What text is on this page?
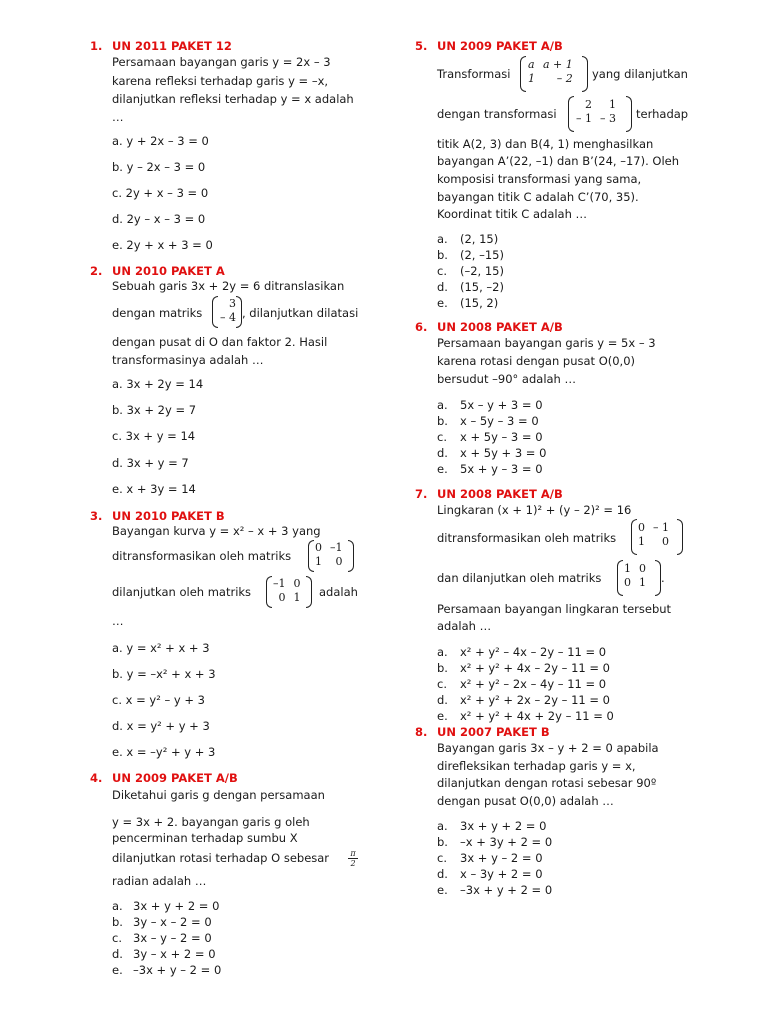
1. UN 2011 PAKET 12
Persamaan bayangan garis y = 2x – 3
karena refleksi terhadap garis y = –x,
dilanjutkan refleksi terhadap y = x adalah
…
a. y + 2x – 3 = 0
b. y – 2x – 3 = 0
c. 2y + x – 3 = 0
d. 2y – x – 3 = 0
e. 2y + x + 3 = 0
2. UN 2010 PAKET A
Sebuah garis 3x + 2y = 6 ditranslasikan
dengan matriks
3
– 4 , dilanjutkan dilatasi
dengan pusat di O dan faktor 2. Hasil
transformasinya adalah …
a. 3x + 2y = 14
b. 3x + 2y = 7
c. 3x + y = 14
d. 3x + y = 7
e. x + 3y = 14
3. UN 2010 PAKET B
Bayangan kurva y = x² – x + 3 yang
ditransformasikan oleh matriks
0	–1
1	0
dilanjutkan oleh matriks
–1	0
0	1 adalah
…
a. y = x² + x + 3
b. y = –x² + x + 3
c. x = y² – y + 3
d. x = y² + y + 3
e. x = –y² + y + 3
4. UN 2009 PAKET A/B
Diketahui garis g dengan persamaan
y = 3x + 2. bayangan garis g oleh
pencerminan terhadap sumbu X
dilanjutkan rotasi terhadap O sebesar $\frac{\pi}{2}$
radian adalah …
a. 3x + y + 2 = 0
b. 3y – x – 2 = 0
c. 3x – y – 2 = 0
d. 3y – x + 2 = 0
e. –3x + y – 2 = 0
5. UN 2009 PAKET A/B
Transformasi
a	a + 1
1	– 2 yang dilanjutkan
dengan transformasi
2	1
– 1	– 3 terhadap
titik A(2, 3) dan B(4, 1) menghasilkan
bayangan A’(22, –1) dan B’(24, –17). Oleh
komposisi transformasi yang sama,
bayangan titik C adalah C’(70, 35).
Koordinat titik C adalah …
a. (2, 15)
b. (2, –15)
c. (–2, 15)
d. (15, –2)
e. (15, 2)
6. UN 2008 PAKET A/B
Persamaan bayangan garis y = 5x – 3
karena rotasi dengan pusat O(0,0)
bersudut –90° adalah …
a. 5x – y + 3 = 0
b. x – 5y – 3 = 0
c. x + 5y – 3 = 0
d. x + 5y + 3 = 0
e. 5x + y – 3 = 0
7. UN 2008 PAKET A/B
Lingkaran (x + 1)² + (y – 2)² = 16
ditransformasikan oleh matriks
0	– 1
1	0
dan dilanjutkan oleh matriks
1	0
0	1 .
Persamaan bayangan lingkaran tersebut
adalah …
a. x² + y² – 4x – 2y – 11 = 0
b. x² + y² + 4x – 2y – 11 = 0
c. x² + y² – 2x – 4y – 11 = 0
d. x² + y² + 2x – 2y – 11 = 0
e. x² + y² + 4x + 2y – 11 = 0
8. UN 2007 PAKET B
Bayangan garis 3x – y + 2 = 0 apabila
direfleksikan terhadap garis y = x,
dilanjutkan dengan rotasi sebesar 90º
dengan pusat O(0,0) adalah …
a. 3x + y + 2 = 0
b. –x + 3y + 2 = 0
c. 3x + y – 2 = 0
d. x – 3y + 2 = 0
e. –3x + y + 2 = 0
